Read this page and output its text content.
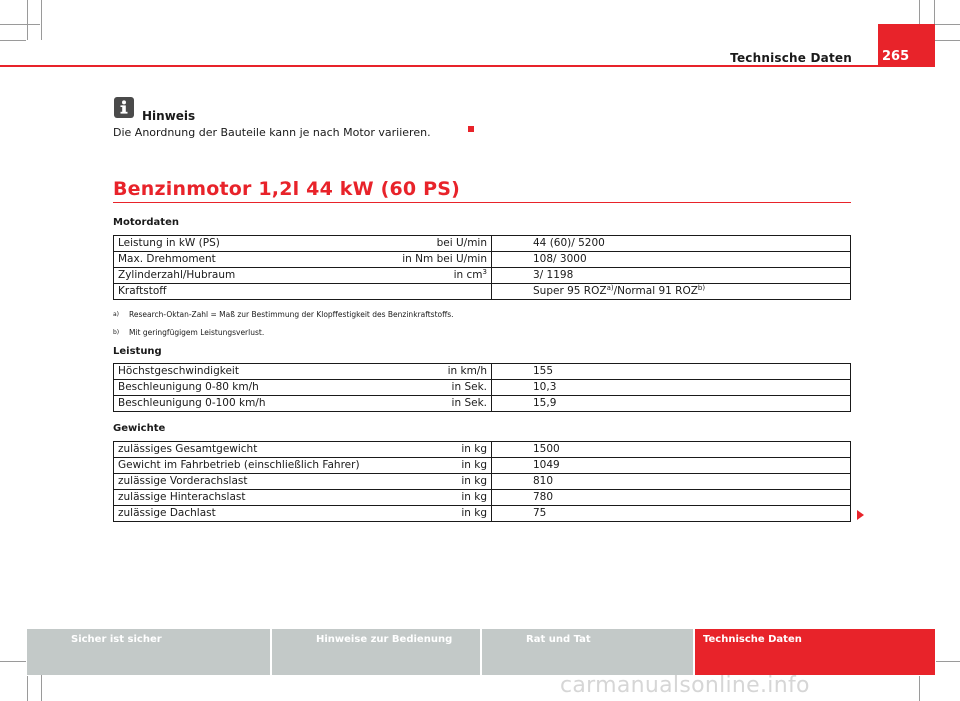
Technische Daten	265
Hinweis
Die Anordnung der Bauteile kann je nach Motor variieren.
Benzinmotor 1,2l 44 kW (60 PS)
Motordaten
Leistung in kW (PS)	bei U/min	44 (60)/ 5200
Max. Drehmoment	in Nm bei U/min	108/ 3000
Zylinderzahl/Hubraum	in $cm^3$	3/ 1198
Kraftstoff		Super 95 ROZ$^{a)}$/Normal 91 ROZ$^{b)}$
a)	Research-Oktan-Zahl = Maß zur Bestimmung der Klopffestigkeit des Benzinkraftstoffs.
b)	Mit geringfügigem Leistungsverlust.
Leistung
Höchstgeschwindigkeit	in km/h	155
Beschleunigung 0-80 km/h	in Sek.	10,3
Beschleunigung 0-100 km/h	in Sek.	15,9
Gewichte
zulässiges Gesamtgewicht	in kg	1500
Gewicht im Fahrbetrieb (einschließlich Fahrer)	in kg	1049
zulässige Vorderachslast	in kg	810
zulässige Hinterachslast	in kg	780
zulässige Dachlast	in kg	75
Sicher ist sicher	Hinweise zur Bedienung	Rat und Tat	Technische Daten
carmanualsonline.info
